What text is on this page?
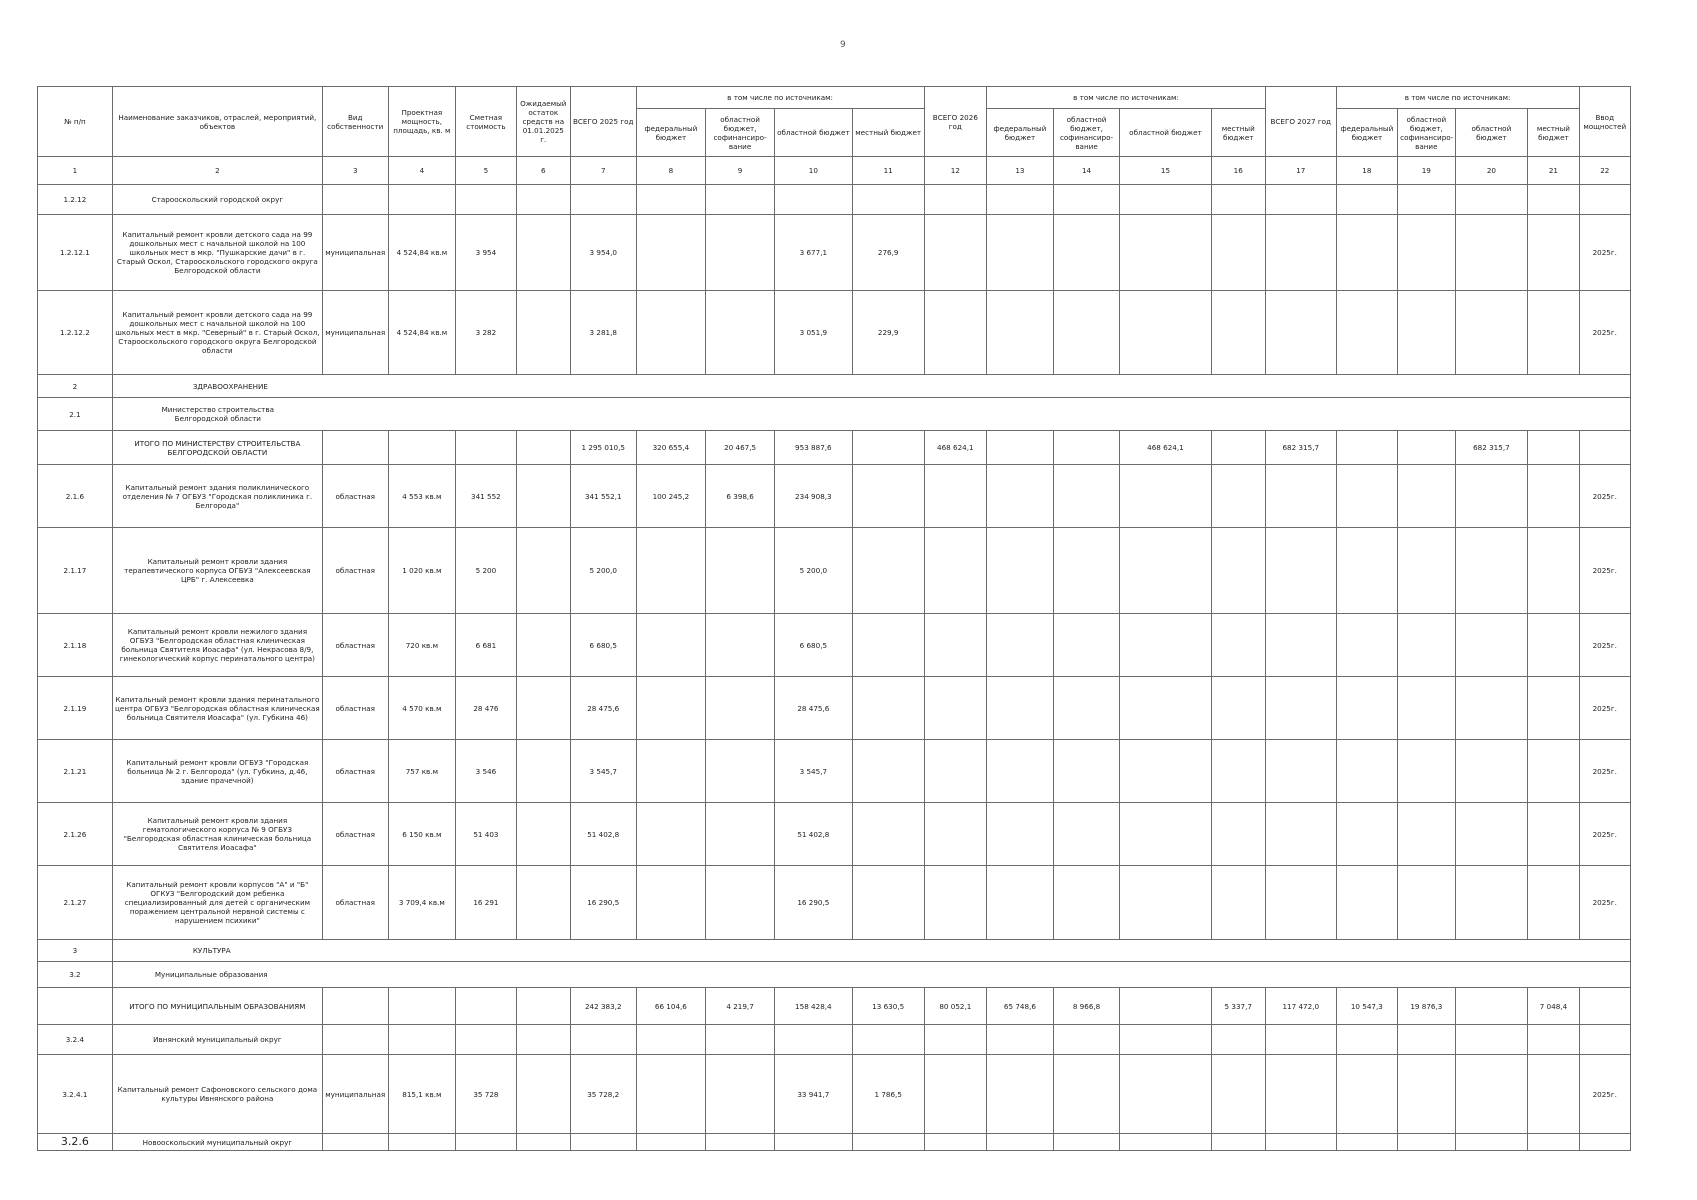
9
№ п/п	Наименование заказчиков, отраслей, мероприятий, объектов	Вид собственности	Проектная мощность, площадь, кв. м	Сметная стоимость	Ожидаемый остаток средств на 01.01.2025 г.	ВСЕГО 2025 год	в том числе по источникам:				ВСЕГО 2026 год	в том числе по источникам:				ВСЕГО 2027 год	в том числе по источникам:				Ввод мощностей
							федеральный бюджет	областной бюджет, софинансиро-вание	областной бюджет	местный бюджет		федеральный бюджет	областной бюджет, софинансиро-вание	областной бюджет	местный бюджет		федеральный бюджет	областной бюджет, софинансиро-вание	областной бюджет	местный бюджет	
1	2	3	4	5	6	7	8	9	10	11	12	13	14	15	16	17	18	19	20	21	22
1.2.12	Старооскольский городской округ																				
1.2.12.1	Капитальный ремонт кровли детского сада на 99 дошкольных мест с начальной школой на 100 школьных мест в мкр. "Пушкарские дачи" в г. Старый Оскол, Старооскольского городского округа Белгородской области	муниципальная	4 524,84 кв.м	3 954		3 954,0			3 677,1	276,9											2025г.
1.2.12.2	Капитальный ремонт кровли детского сада на 99 дошкольных мест с начальной школой на 100 школьных мест в мкр. "Северный" в г. Старый Оскол, Старооскольского городского округа Белгородской области	муниципальная	4 524,84 кв.м	3 282		3 281,8			3 051,9	229,9											2025г.
2	ЗДРАВООХРАНЕНИЕ																				
2.1	Министерство строительства Белгородской области																				

	ИТОГО ПО МИНИСТЕРСТВУ СТРОИТЕЛЬСТВА БЕЛГОРОДСКОЙ ОБЛАСТИ					1 295 010,5	320 655,4	20 467,5	953 887,6		468 624,1			468 624,1		682 315,7			682 315,7		
2.1.6	Капитальный ремонт здания поликлинического отделения № 7 ОГБУЗ "Городская поликлиника г. Белгорода"	областная	4 553 кв.м	341 552		341 552,1	100 245,2	6 398,6	234 908,3												2025г.
2.1.17	Капитальный ремонт кровли здания терапевтического корпуса ОГБУЗ "Алексеевская ЦРБ" г. Алексеевка	областная	1 020 кв.м	5 200		5 200,0			5 200,0												2025г.
2.1.18	Капитальный ремонт кровли нежилого здания ОГБУЗ "Белгородская областная клиническая больница Святителя Иоасафа" (ул. Некрасова 8/9, гинекологический корпус перинатального центра)	областная	720 кв.м	6 681		6 680,5			6 680,5												2025г.
2.1.19	Капитальный ремонт кровли здания перинатального центра ОГБУЗ "Белгородская областная клиническая больница Святителя Иоасафа" (ул. Губкина 46)	областная	4 570 кв.м	28 476		28 475,6			28 475,6												2025г.
2.1.21	Капитальный ремонт кровли ОГБУЗ "Городская больница № 2 г. Белгорода" (ул. Губкина, д.46, здание прачечной)	областная	757 кв.м	3 546		3 545,7			3 545,7												2025г.
2.1.26	Капитальный ремонт кровли здания гематологического корпуса № 9 ОГБУЗ "Белгородская областная клиническая больница Святителя Иоасафа"	областная	6 150 кв.м	51 403		51 402,8			51 402,8												2025г.
2.1.27	Капитальный ремонт кровли корпусов "А" и "Б" ОГКУЗ "Белгородский дом ребенка специализированный для детей с органическим поражением центральной нервной системы с нарушением психики"	областная	3 709,4 кв.м	16 291		16 290,5			16 290,5												2025г.
3	КУЛЬТУРА																				
3.2	Муниципальные образования																				
	ИТОГО ПО МУНИЦИПАЛЬНЫМ ОБРАЗОВАНИЯМ					242 383,2	66 104,6	4 219,7	158 428,4	13 630,5	80 052,1	65 748,6	8 966,8		5 337,7	117 472,0	10 547,3	19 876,3		7 048,4	
3.2.4	Ивнянский муниципальный округ																				
3.2.4.1	Капитальный ремонт Сафоновского сельского дома культуры Ивнянского района	муниципальная	815,1 кв.м	35 728		35 728,2			33 941,7	1 786,5											2025г.
3.2.6	Новооскольский муниципальный округ																				
